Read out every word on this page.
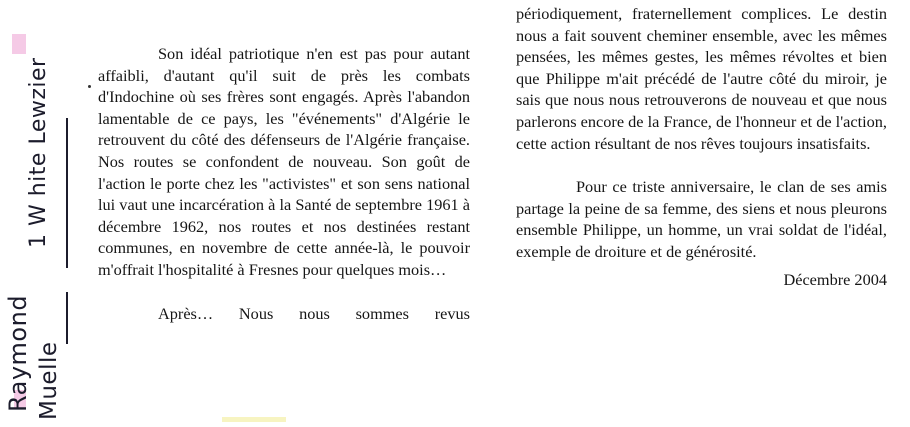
1 W hite Lewzier
Raymond Muelle

Son idéal patriotique n'en est pas pour autant affaibli, d'autant qu'il suit de près les combats d'Indochine où ses frères sont engagés. Après l'abandon lamentable de ce pays, les "événements" d'Algérie le retrouvent du côté des défenseurs de l'Algérie française. Nos routes se confondent de nouveau. Son goût de l'action le porte chez les "activistes" et son sens national lui vaut une incarcération à la Santé de septembre 1961 à décembre 1962, nos routes et nos destinées restant communes, en novembre de cette année-là, le pouvoir m'offrait l'hospitalité à Fresnes pour quelques mois…

Après… Nous nous sommes revus

périodiquement, fraternellement complices. Le destin nous a fait souvent cheminer ensemble, avec les mêmes pensées, les mêmes gestes, les mêmes révoltes et bien que Philippe m'ait précédé de l'autre côté du miroir, je sais que nous nous retrouverons de nouveau et que nous parlerons encore de la France, de l'honneur et de l'action, cette action résultant de nos rêves toujours insatisfaits.

Pour ce triste anniversaire, le clan de ses amis partage la peine de sa femme, des siens et nous pleurons ensemble Philippe, un homme, un vrai soldat de l'idéal, exemple de droiture et de générosité.

Décembre 2004
